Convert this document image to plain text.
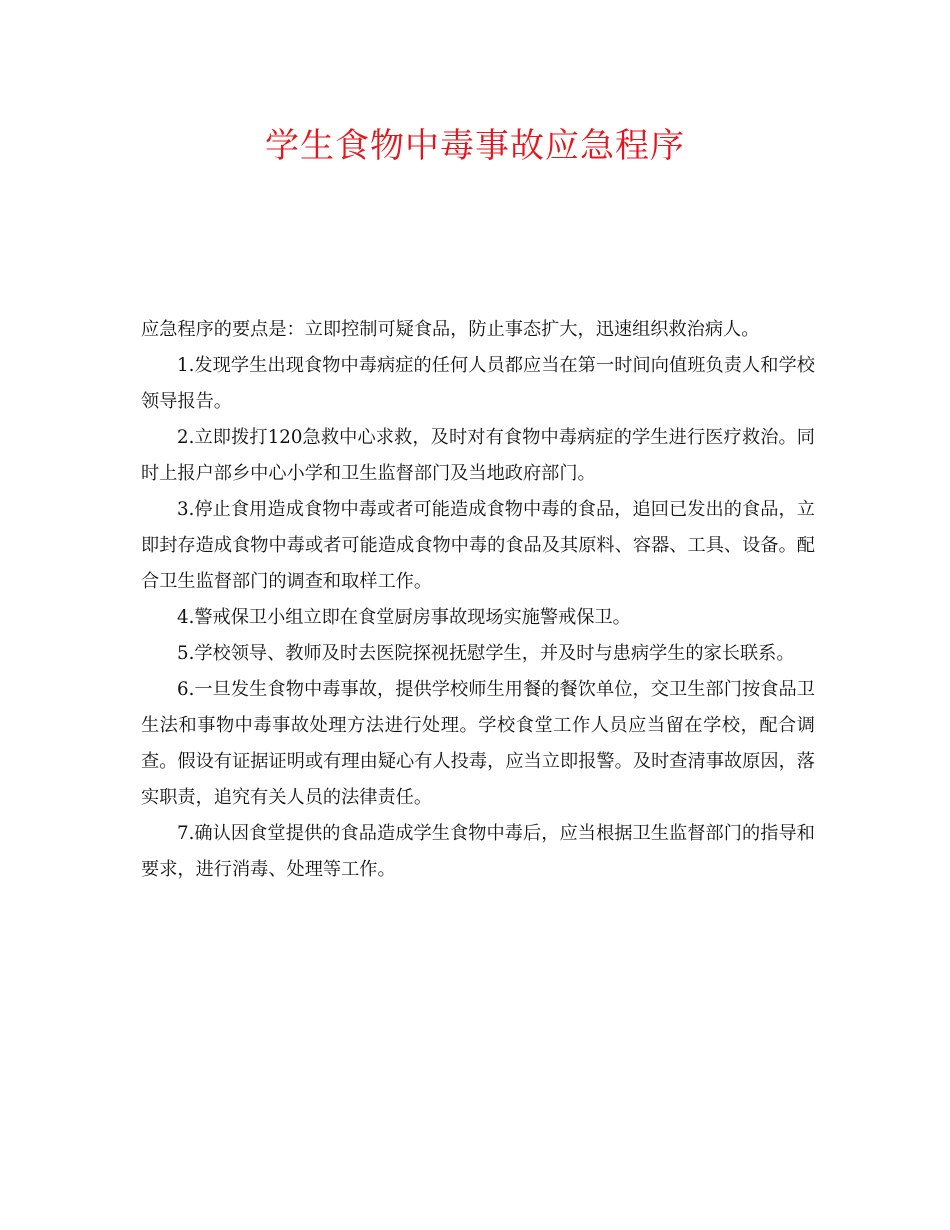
学生食物中毒事故应急程序

应急程序的要点是：立即控制可疑食品，防止事态扩大，迅速组织救治病人。

1.发现学生出现食物中毒病症的任何人员都应当在第一时间向值班负责人和学校领导报告。

2.立即拨打120急救中心求救，及时对有食物中毒病症的学生进行医疗救治。同时上报户部乡中心小学和卫生监督部门及当地政府部门。

3.停止食用造成食物中毒或者可能造成食物中毒的食品，追回已发出的食品，立即封存造成食物中毒或者可能造成食物中毒的食品及其原料、容器、工具、设备。配合卫生监督部门的调查和取样工作。

4.警戒保卫小组立即在食堂厨房事故现场实施警戒保卫。

5.学校领导、教师及时去医院探视抚慰学生，并及时与患病学生的家长联系。

6.一旦发生食物中毒事故，提供学校师生用餐的餐饮单位，交卫生部门按食品卫生法和事物中毒事故处理方法进行处理。学校食堂工作人员应当留在学校，配合调查。假设有证据证明或有理由疑心有人投毒，应当立即报警。及时查清事故原因，落实职责，追究有关人员的法律责任。

7.确认因食堂提供的食品造成学生食物中毒后，应当根据卫生监督部门的指导和要求，进行消毒、处理等工作。
